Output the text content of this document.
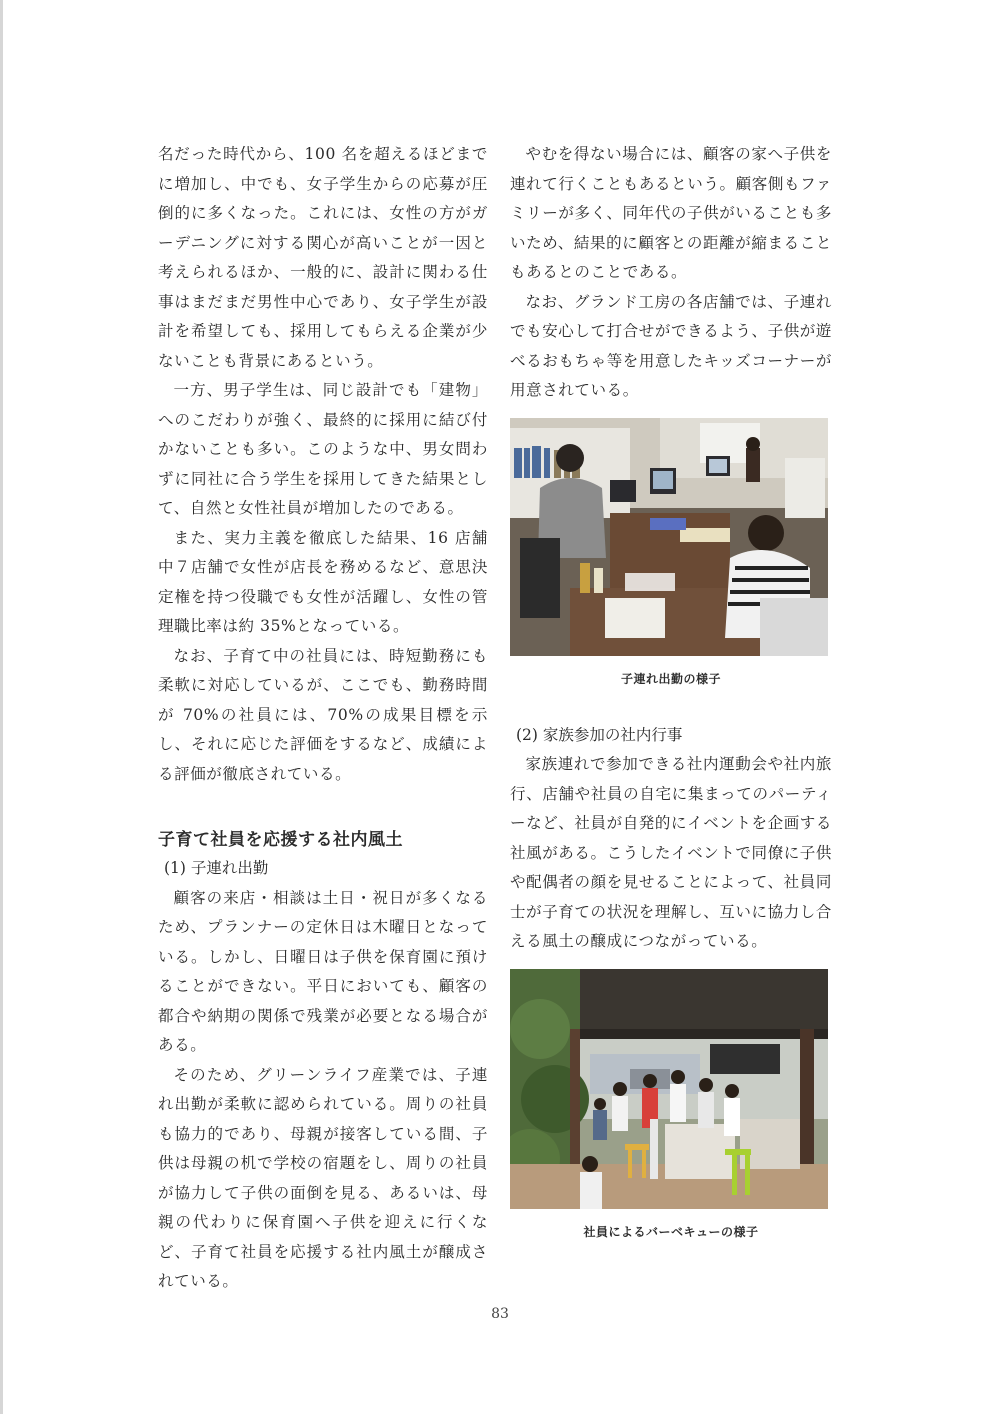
名だった時代から、100 名を超えるほどまでに増加し、中でも、女子学生からの応募が圧倒的に多くなった。これには、女性の方がガーデニングに対する関心が高いことが一因と考えられるほか、一般的に、設計に関わる仕事はまだまだ男性中心であり、女子学生が設計を希望しても、採用してもらえる企業が少ないことも背景にあるという。

一方、男子学生は、同じ設計でも「建物」へのこだわりが強く、最終的に採用に結び付かないことも多い。このような中、男女問わずに同社に合う学生を採用してきた結果として、自然と女性社員が増加したのである。

また、実力主義を徹底した結果、16 店舗中７店舗で女性が店長を務めるなど、意思決定権を持つ役職でも女性が活躍し、女性の管理職比率は約 35%となっている。

なお、子育て中の社員には、時短勤務にも柔軟に対応しているが、ここでも、勤務時間が 70%の社員には、70%の成果目標を示し、それに応じた評価をするなど、成績による評価が徹底されている。

子育て社員を応援する社内風土

(1) 子連れ出勤

顧客の来店・相談は土日・祝日が多くなるため、プランナーの定休日は木曜日となっている。しかし、日曜日は子供を保育園に預けることができない。平日においても、顧客の都合や納期の関係で残業が必要となる場合がある。

そのため、グリーンライフ産業では、子連れ出勤が柔軟に認められている。周りの社員も協力的であり、母親が接客している間、子供は母親の机で学校の宿題をし、周りの社員が協力して子供の面倒を見る、あるいは、母親の代わりに保育園へ子供を迎えに行くなど、子育て社員を応援する社内風土が醸成されている。

やむを得ない場合には、顧客の家へ子供を連れて行くこともあるという。顧客側もファミリーが多く、同年代の子供がいることも多いため、結果的に顧客との距離が縮まることもあるとのことである。

なお、グランド工房の各店舗では、子連れでも安心して打合せができるよう、子供が遊べるおもちゃ等を用意したキッズコーナーが用意されている。

子連れ出勤の様子

(2) 家族参加の社内行事

家族連れで参加できる社内運動会や社内旅行、店舗や社員の自宅に集まってのパーティーなど、社員が自発的にイベントを企画する社風がある。こうしたイベントで同僚に子供や配偶者の顔を見せることによって、社員同士が子育ての状況を理解し、互いに協力し合える風土の醸成につながっている。

社員によるバーベキューの様子

83
